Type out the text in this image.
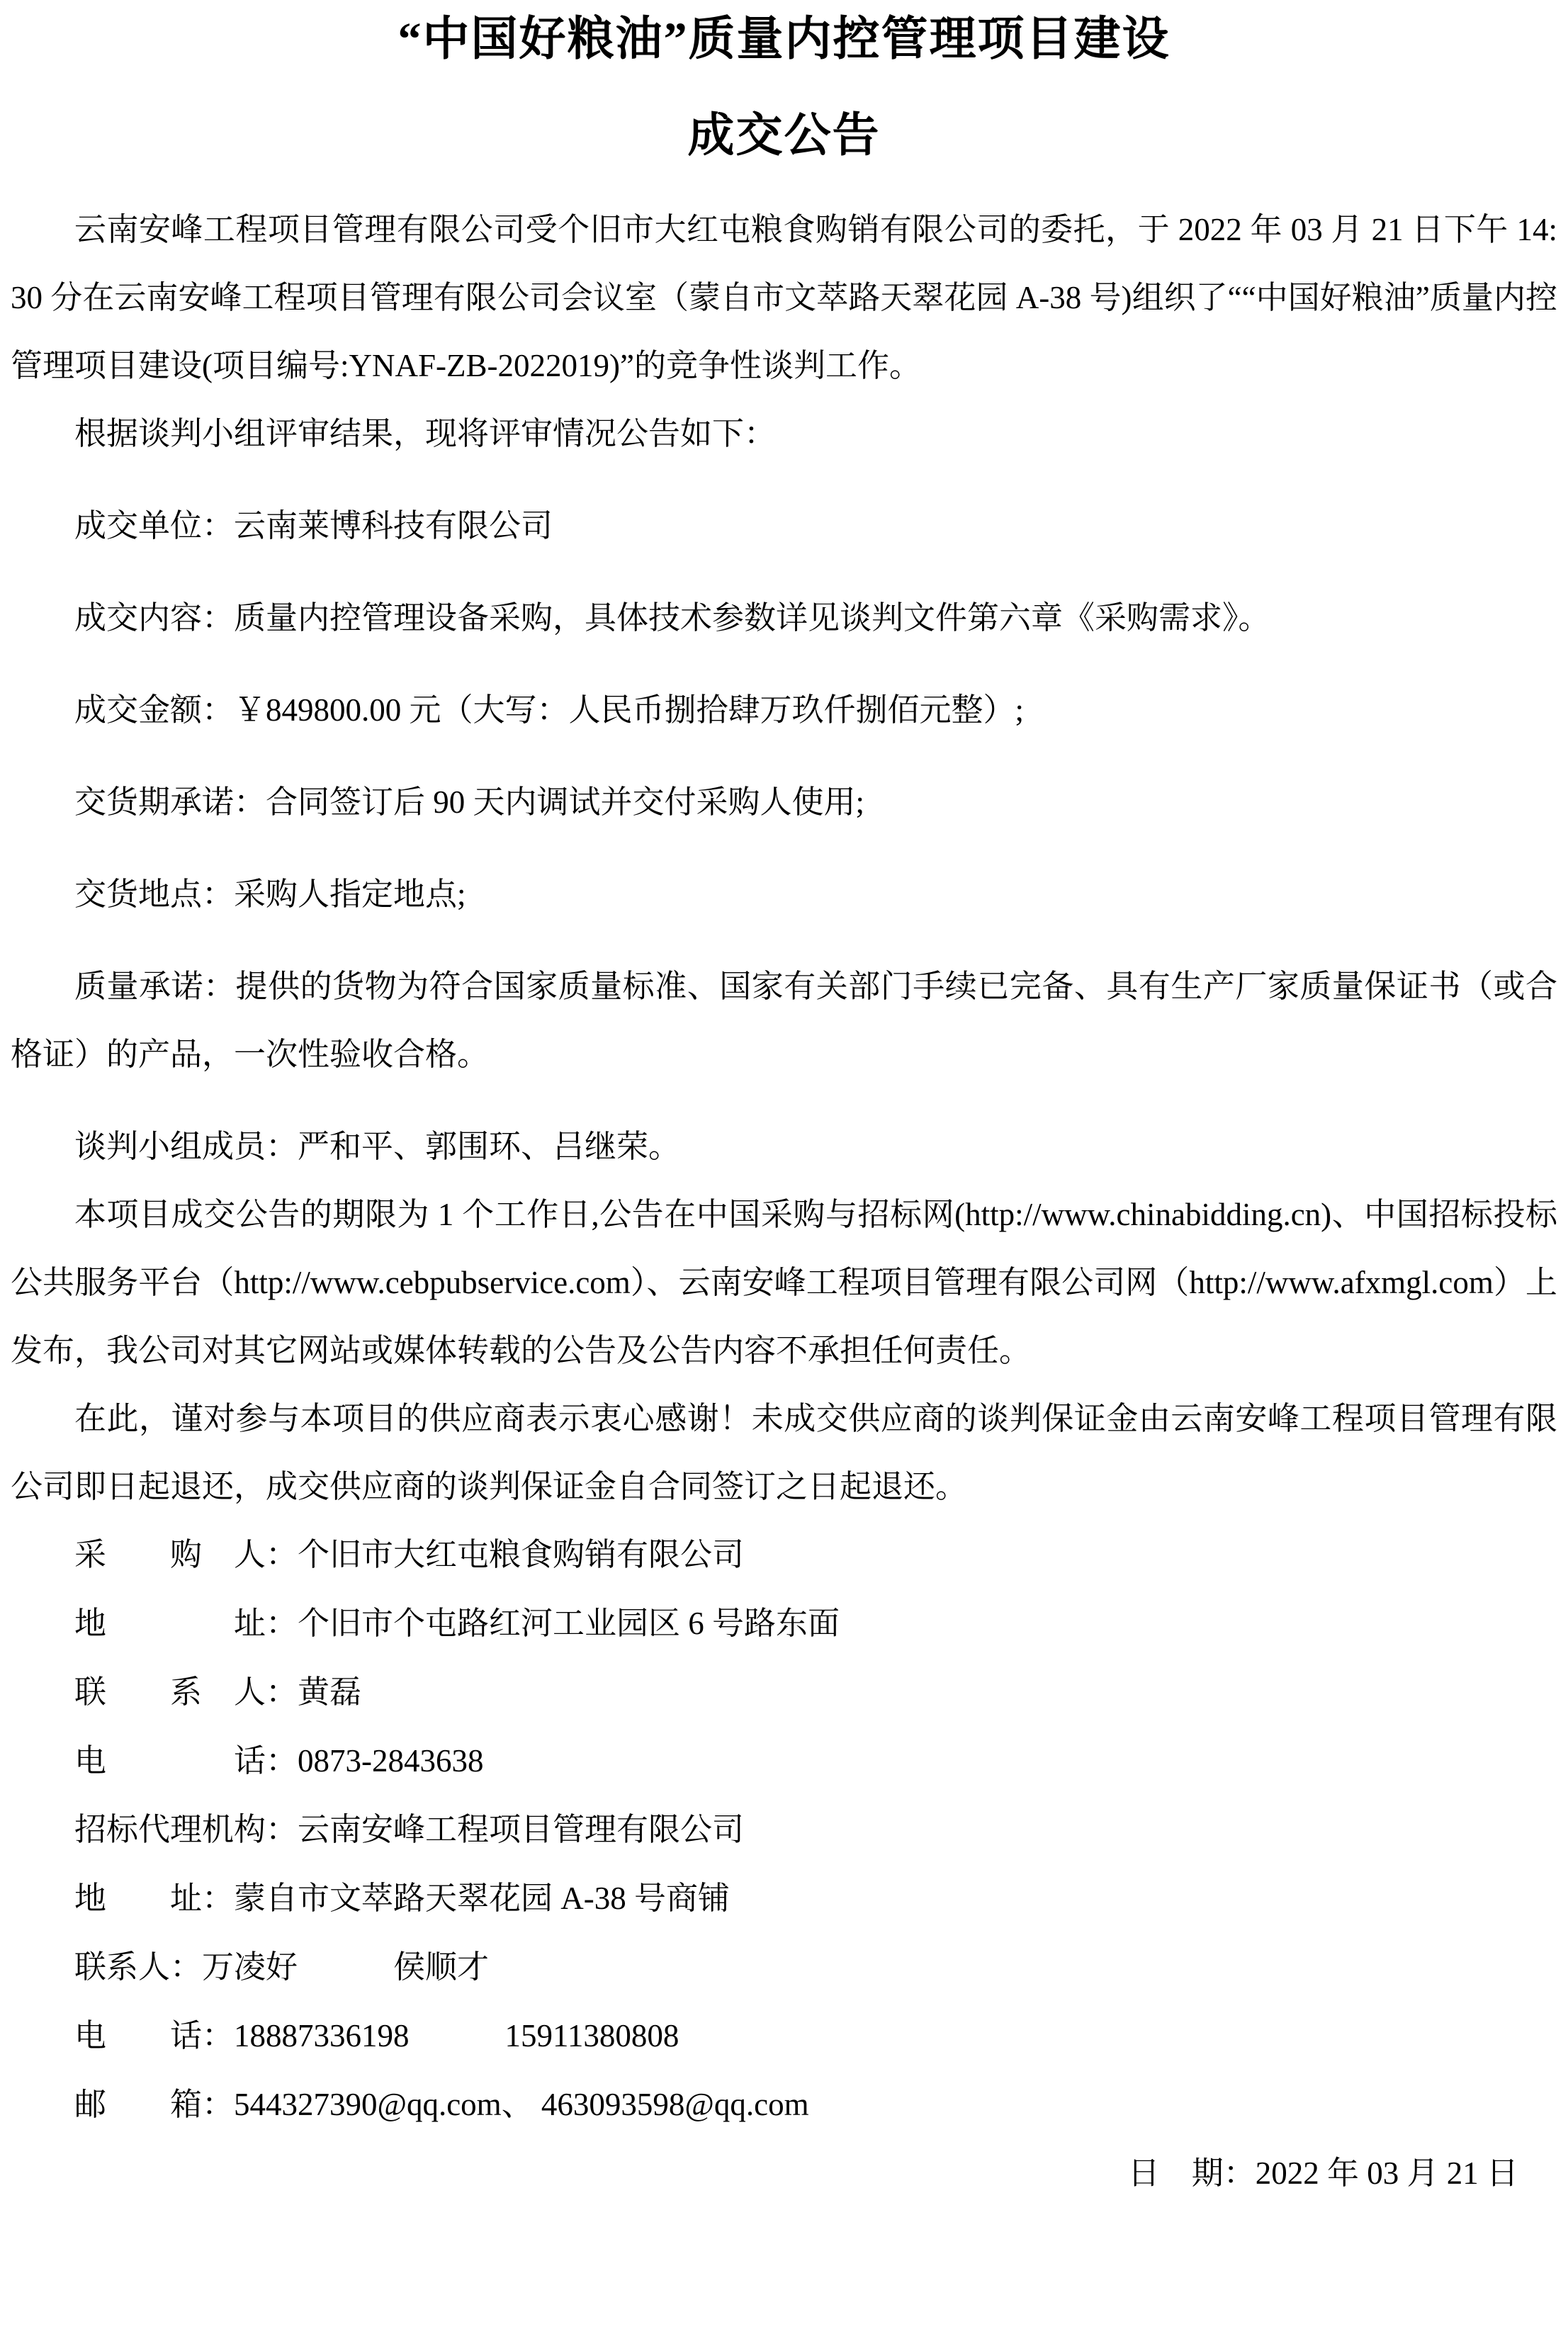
“中国好粮油”质量内控管理项目建设
成交公告

云南安峰工程项目管理有限公司受个旧市大红屯粮食购销有限公司的委托，于 2022 年 03 月 21 日下午 14:30 分在云南安峰工程项目管理有限公司会议室（蒙自市文萃路天翠花园 A-38 号)组织了““中国好粮油”质量内控管理项目建设(项目编号:YNAF-ZB-2022019)”的竞争性谈判工作。

根据谈判小组评审结果，现将评审情况公告如下：

成交单位：云南莱博科技有限公司

成交内容：质量内控管理设备采购，具体技术参数详见谈判文件第六章《采购需求》。

成交金额：￥849800.00 元（大写：人民币捌拾肆万玖仟捌佰元整）;

交货期承诺：合同签订后 90 天内调试并交付采购人使用;

交货地点：采购人指定地点;

质量承诺：提供的货物为符合国家质量标准、国家有关部门手续已完备、具有生产厂家质量保证书（或合格证）的产品，一次性验收合格。

谈判小组成员：严和平、郭围环、吕继荣。

本项目成交公告的期限为 1 个工作日,公告在中国采购与招标网(http://www.chinabidding.cn)、中国招标投标公共服务平台（http://www.cebpubservice.com）、云南安峰工程项目管理有限公司网（http://www.afxmgl.com）上发布，我公司对其它网站或媒体转载的公告及公告内容不承担任何责任。

在此，谨对参与本项目的供应商表示衷心感谢！未成交供应商的谈判保证金由云南安峰工程项目管理有限公司即日起退还，成交供应商的谈判保证金自合同签订之日起退还。

采　　购　人：个旧市大红屯粮食购销有限公司

地　　　　址：个旧市个屯路红河工业园区 6 号路东面

联　　系　人：黄磊

电　　　　话：0873-2843638

招标代理机构：云南安峰工程项目管理有限公司

地　　址：蒙自市文萃路天翠花园 A-38 号商铺

联系人：万凌好　　　侯顺才

电　　话：18887336198　　　15911380808

邮　　箱：544327390@qq.com、 463093598@qq.com

日　期：2022 年 03 月 21 日
